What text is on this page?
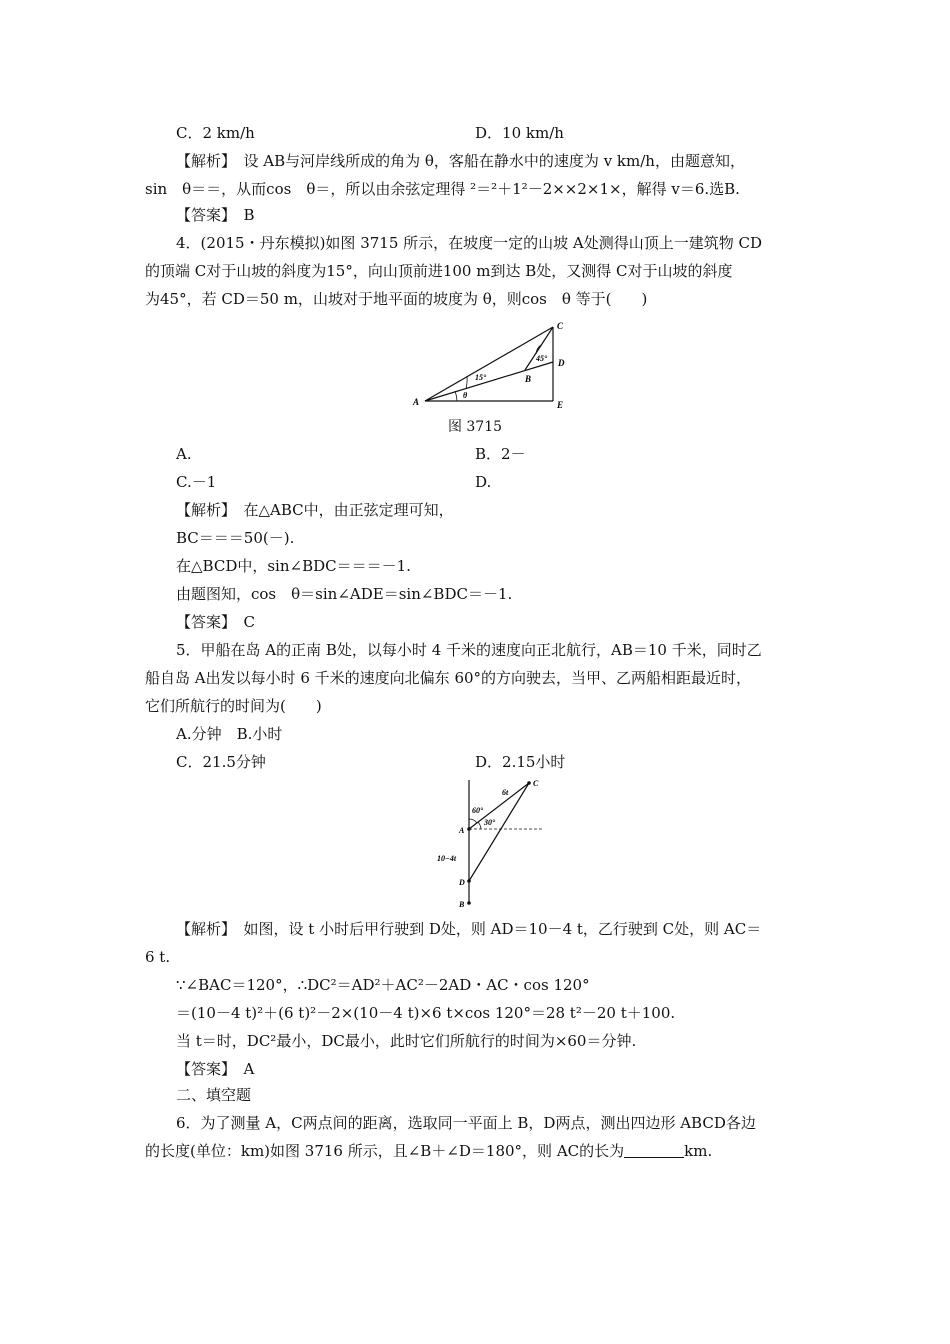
C．2 km/h	D．10 km/h
【解析】　设 AB与河岸线所成的角为 θ，客船在静水中的速度为 v km/h，由题意知，
sin　θ＝＝，从而cos　θ＝，所以由余弦定理得 ²＝²＋1²－2××2×1×，解得 v＝6.选B.
【答案】　B
4．(2015・丹东模拟)如图 3715 所示，在坡度一定的山坡 A处测得山顶上一建筑物 CD
的顶端 C对于山坡的斜度为15°，向山顶前进100 m到达 B处，又测得 C对于山坡的斜度
为45°，若 CD＝50 m，山坡对于地平面的坡度为 θ，则cos　θ 等于(　　)
A
B
C
D
E
15°
45°
θ
图 3715
A.	B．2－
C.－1	D.
【解析】　在△ABC中，由正弦定理可知，
BC＝＝＝50(－).
在△BCD中，sin∠BDC＝＝＝－1.
由题图知，cos　θ＝sin∠ADE＝sin∠BDC＝－1.
【答案】　C
5．甲船在岛 A的正南 B处，以每小时 4 千米的速度向正北航行，AB＝10 千米，同时乙
船自岛 A出发以每小时 6 千米的速度向北偏东 60°的方向驶去，当甲、乙两船相距最近时，
它们所航行的时间为(　　)
A.分钟　B.小时
C．21.5分钟	D．2.15小时
C
6t
60°
30°
A
10−4t
D
B
【解析】　如图，设 t 小时后甲行驶到 D处，则 AD＝10－4 t，乙行驶到 C处，则 AC＝
6 t.
∵∠BAC＝120°，∴DC²＝AD²＋AC²－2AD・AC・cos 120°
＝(10－4 t)²＋(6 t)²－2×(10－4 t)×6 t×cos 120°＝28 t²－20 t＋100.
当 t＝时，DC²最小，DC最小，此时它们所航行的时间为×60＝分钟.
【答案】　A
二、填空题
6．为了测量 A，C两点间的距离，选取同一平面上 B，D两点，测出四边形 ABCD各边
的长度(单位：km)如图 3716 所示，且∠B＋∠D＝180°，则 AC的长为	km.
